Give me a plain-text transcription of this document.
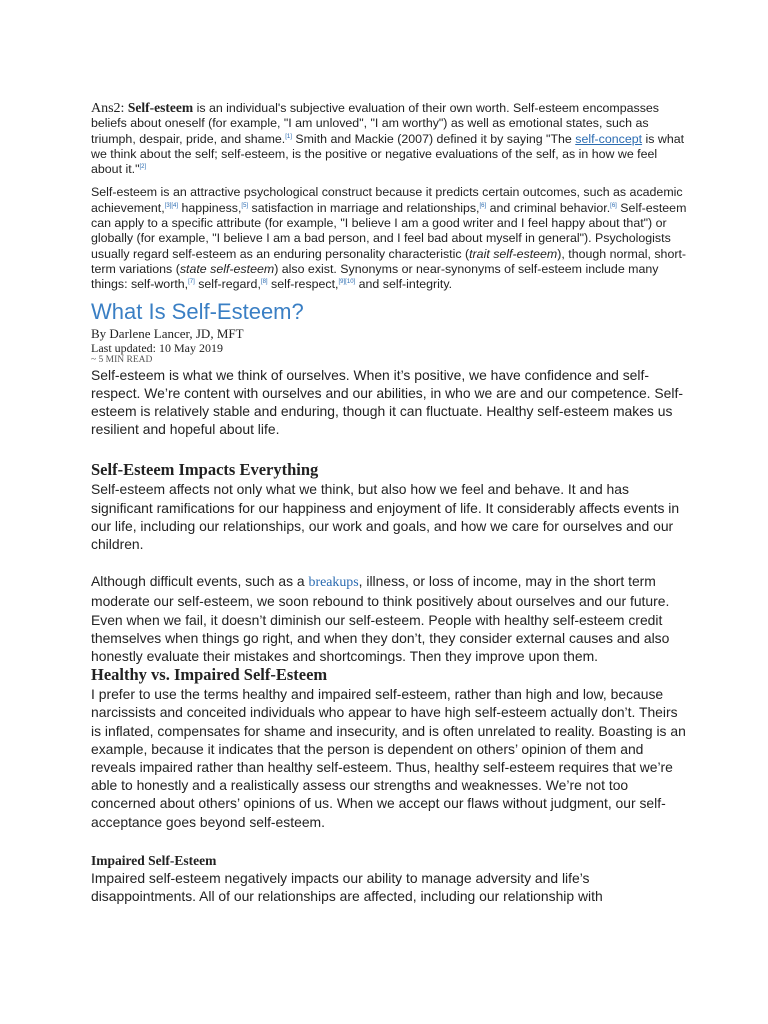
Ans2: Self-esteem is an individual's subjective evaluation of their own worth. Self-esteem encompasses beliefs about oneself (for example, "I am unloved", "I am worthy") as well as emotional states, such as triumph, despair, pride, and shame.[1] Smith and Mackie (2007) defined it by saying "The self-concept is what we think about the self; self-esteem, is the positive or negative evaluations of the self, as in how we feel about it."[2]

Self-esteem is an attractive psychological construct because it predicts certain outcomes, such as academic achievement,[3][4] happiness,[5] satisfaction in marriage and relationships,[6] and criminal behavior.[6] Self-esteem can apply to a specific attribute (for example, "I believe I am a good writer and I feel happy about that") or globally (for example, "I believe I am a bad person, and I feel bad about myself in general"). Psychologists usually regard self-esteem as an enduring personality characteristic (trait self-esteem), though normal, short-term variations (state self-esteem) also exist. Synonyms or near-synonyms of self-esteem include many things: self-worth,[7] self-regard,[8] self-respect,[9][10] and self-integrity.

What Is Self-Esteem?

By Darlene Lancer, JD, MFT

Last updated: 10 May 2019

~ 5 MIN READ

Self-esteem is what we think of ourselves. When it’s positive, we have confidence and self-respect. We’re content with ourselves and our abilities, in who we are and our competence. Self-esteem is relatively stable and enduring, though it can fluctuate. Healthy self-esteem makes us resilient and hopeful about life.

Self-Esteem Impacts Everything

Self-esteem affects not only what we think, but also how we feel and behave. It and has significant ramifications for our happiness and enjoyment of life. It considerably affects events in our life, including our relationships, our work and goals, and how we care for ourselves and our children.

Although difficult events, such as a breakups, illness, or loss of income, may in the short term moderate our self-esteem, we soon rebound to think positively about ourselves and our future. Even when we fail, it doesn’t diminish our self-esteem. People with healthy self-esteem credit themselves when things go right, and when they don’t, they consider external causes and also honestly evaluate their mistakes and shortcomings. Then they improve upon them.

Healthy vs. Impaired Self-Esteem

I prefer to use the terms healthy and impaired self-esteem, rather than high and low, because narcissists and conceited individuals who appear to have high self-esteem actually don’t. Theirs is inflated, compensates for shame and insecurity, and is often unrelated to reality. Boasting is an example, because it indicates that the person is dependent on others’ opinion of them and reveals impaired rather than healthy self-esteem. Thus, healthy self-esteem requires that we’re able to honestly and a realistically assess our strengths and weaknesses. We’re not too concerned about others’ opinions of us. When we accept our flaws without judgment, our self-acceptance goes beyond self-esteem.

Impaired Self-Esteem

Impaired self-esteem negatively impacts our ability to manage adversity and life’s disappointments. All of our relationships are affected, including our relationship with
